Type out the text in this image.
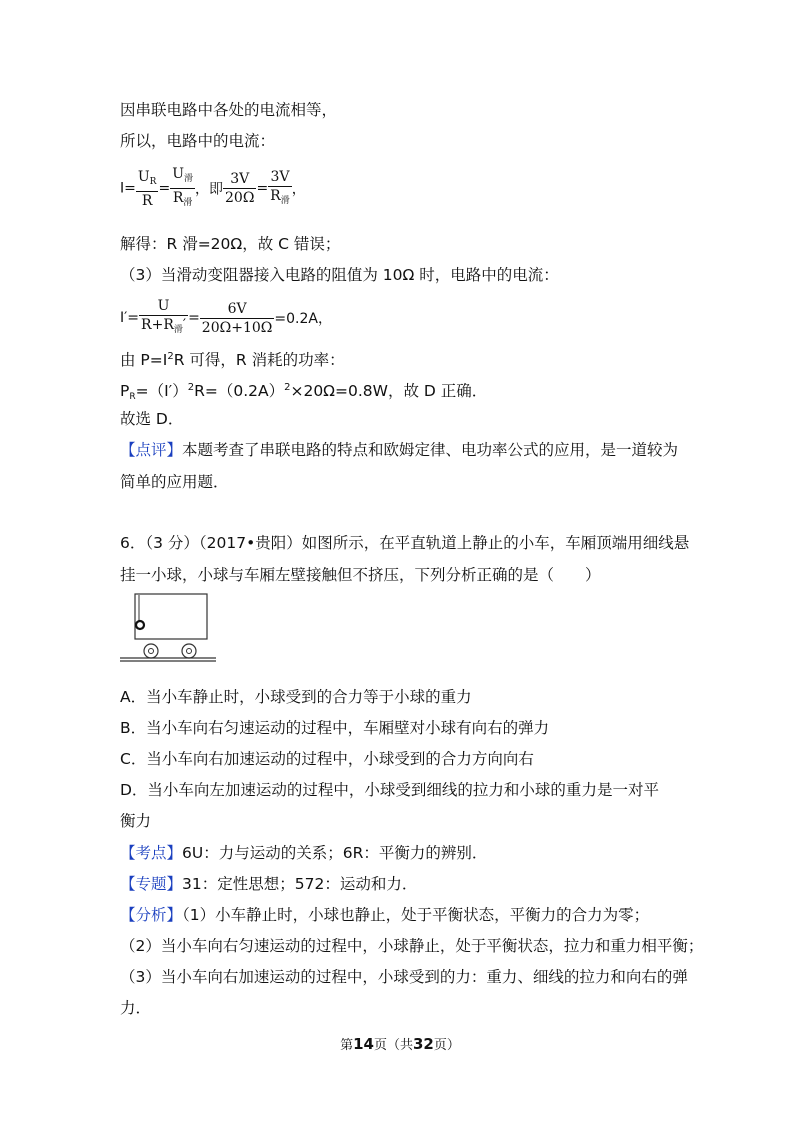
因串联电路中各处的电流相等，
所以，电路中的电流：
$I= \frac{U_R}{R} = \frac{U_滑}{R_滑}$ ，即 $\frac{3V}{20\Omega} = \frac{3V}{R_滑}$ ，
解得：R 滑=20Ω，故 C 错误；
（3）当滑动变阻器接入电路的阻值为 10Ω 时，电路中的电流：
$I'= \frac{U}{R+R_滑'} = \frac{6V}{20\Omega+10\Omega} =0.2A$，
由 $P=I^2R$ 可得，R 消耗的功率：
$P_R=(I')^2R=(0.2A)^2\times 20\Omega=0.8W$，故 D 正确．
故选 D．
【点评】本题考查了串联电路的特点和欧姆定律、电功率公式的应用，是一道较为
简单的应用题．
6．（3 分）（2017•贵阳）如图所示，在平直轨道上静止的小车，车厢顶端用细线悬
挂一小球，小球与车厢左壁接触但不挤压，下列分析正确的是（　　）
A．当小车静止时，小球受到的合力等于小球的重力
B．当小车向右匀速运动的过程中，车厢壁对小球有向右的弹力
C．当小车向右加速运动的过程中，小球受到的合力方向向右
D．当小车向左加速运动的过程中，小球受到细线的拉力和小球的重力是一对平
衡力
【考点】6U：力与运动的关系；6R：平衡力的辨别．
【专题】31：定性思想；572：运动和力．
【分析】（1）小车静止时，小球也静止，处于平衡状态，平衡力的合力为零；
（2）当小车向右匀速运动的过程中，小球静止，处于平衡状态，拉力和重力相平衡；
（3）当小车向右加速运动的过程中，小球受到的力：重力、细线的拉力和向右的弹
力．
第14页（共32页）
